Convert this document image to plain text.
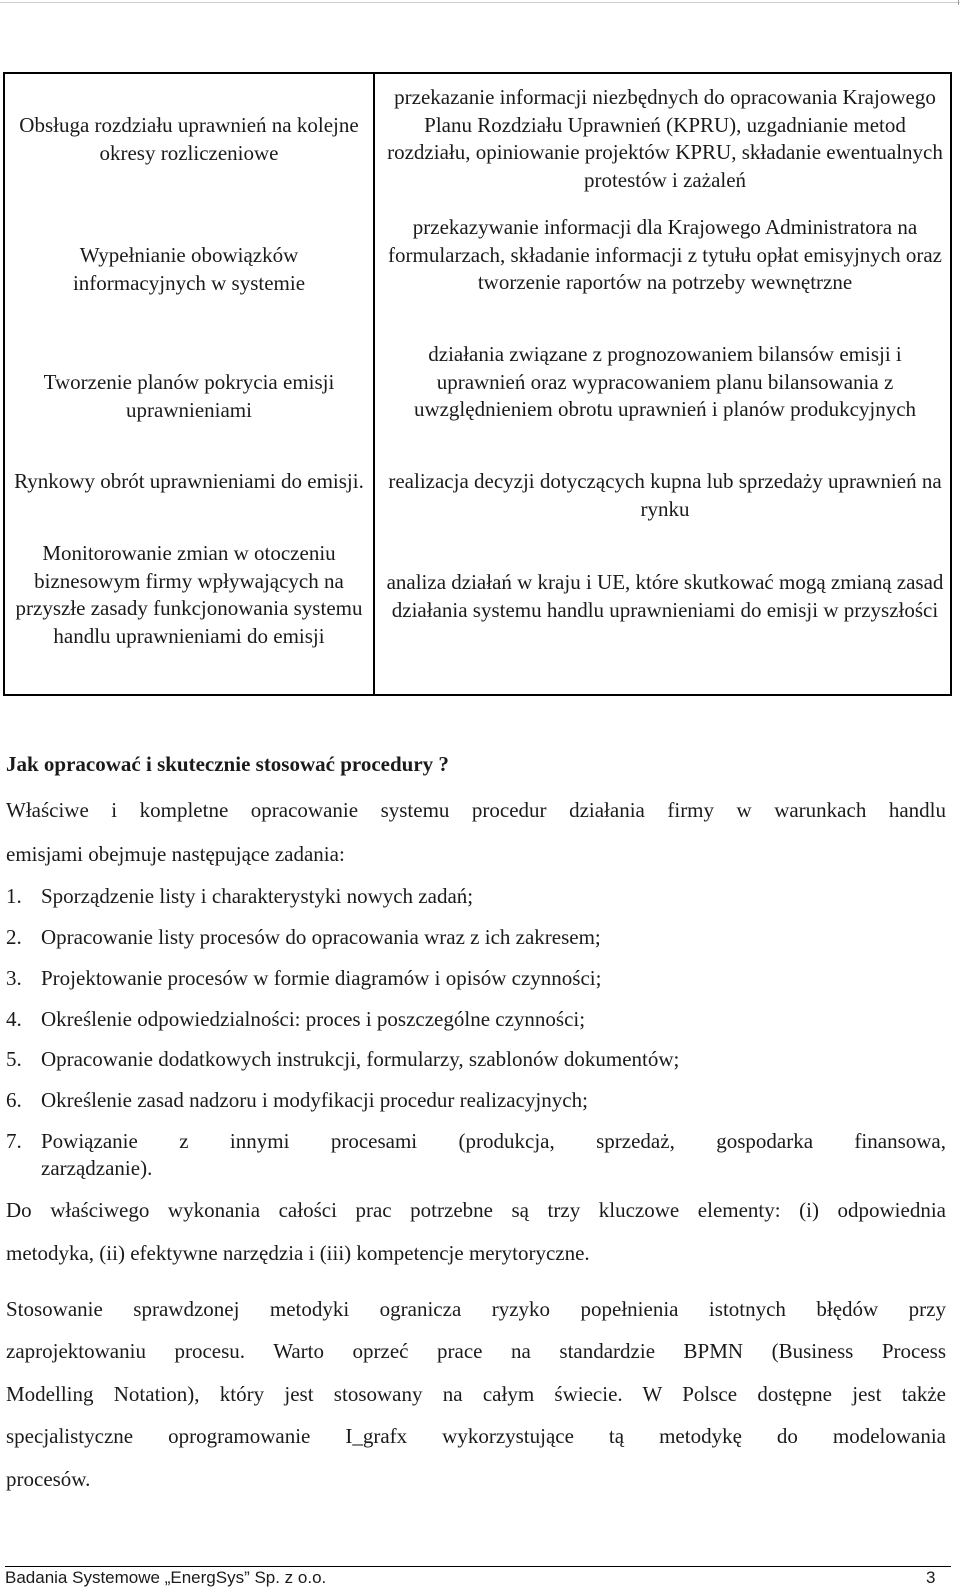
Obsługa rozdziału uprawnień na kolejne okresy rozliczeniowe
przekazanie informacji niezbędnych do opracowania Krajowego Planu Rozdziału Uprawnień (KPRU), uzgadnianie metod rozdziału, opiniowanie projektów KPRU, składanie ewentualnych protestów i zażaleń
Wypełnianie obowiązków informacyjnych w systemie
przekazywanie informacji dla Krajowego Administratora na formularzach, składanie informacji z tytułu opłat emisyjnych oraz tworzenie raportów na potrzeby wewnętrzne
Tworzenie planów pokrycia emisji uprawnieniami
działania związane z prognozowaniem bilansów emisji i uprawnień oraz wypracowaniem planu bilansowania z uwzględnieniem obrotu uprawnień i planów produkcyjnych
Rynkowy obrót uprawnieniami do emisji.	realizacja decyzji dotyczących kupna lub sprzedaży uprawnień na rynku
Monitorowanie zmian w otoczeniu biznesowym firmy wpływających na przyszłe zasady funkcjonowania systemu handlu uprawnieniami do emisji
analiza działań w kraju i UE, które skutkować mogą zmianą zasad działania systemu handlu uprawnieniami do emisji w przyszłości
Jak opracować i skutecznie stosować procedury ?
Właściwe i kompletne opracowanie systemu procedur działania firmy w warunkach handlu
emisjami obejmuje następujące zadania:
1. Sporządzenie listy i charakterystyki nowych zadań;
2. Opracowanie listy procesów do opracowania wraz z ich zakresem;
3. Projektowanie procesów w formie diagramów i opisów czynności;
4. Określenie odpowiedzialności: proces i poszczególne czynności;
5. Opracowanie dodatkowych instrukcji, formularzy, szablonów dokumentów;
6. Określenie zasad nadzoru i modyfikacji procedur realizacyjnych;
7. Powiązanie z innymi procesami (produkcja, sprzedaż, gospodarka finansowa,
zarządzanie).
Do właściwego wykonania całości prac potrzebne są trzy kluczowe elementy: (i) odpowiednia
metodyka, (ii) efektywne narzędzia i (iii) kompetencje merytoryczne.
Stosowanie sprawdzonej metodyki ogranicza ryzyko popełnienia istotnych błędów przy
zaprojektowaniu procesu. Warto oprzeć prace na standardzie BPMN (Business Process
Modelling Notation), który jest stosowany na całym świecie. W Polsce dostępne jest także
specjalistyczne oprogramowanie I_grafx wykorzystujące tą metodykę do modelowania
procesów.
Badania Systemowe „EnergSys” Sp. z o.o.	3
